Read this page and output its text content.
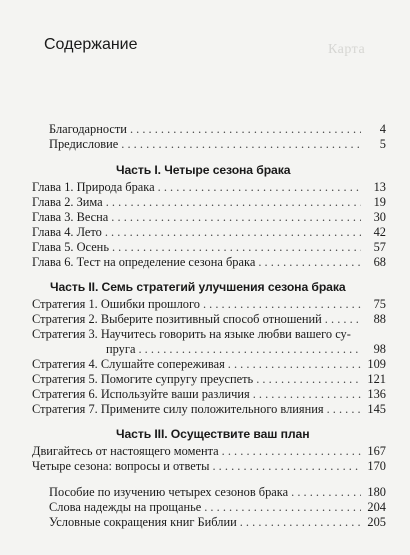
Карта
Содержание
Благодарности . . .	4
Предисловие . . .	5
Часть I. Четыре сезона брака
Глава 1. Природа брака . . .	13
Глава 2. Зима . . .	19
Глава 3. Весна . . .	30
Глава 4. Лето . . .	42
Глава 5. Осень . . .	57
Глава 6. Тест на определение сезона брака . . .	68
Часть II. Семь стратегий улучшения сезона брака
Стратегия 1. Ошибки прошлого . . .	75
Стратегия 2. Выберите позитивный способ отношений . . .	88
Стратегия 3. Научитесь говорить на языке любви вашего су-
пруга . . .	98
Стратегия 4. Слушайте сопереживая . . .	109
Стратегия 5. Помогите супругу преуспеть . . .	121
Стратегия 6. Используйте ваши различия . . .	136
Стратегия 7. Примените силу положительного влияния . . .	145
Часть III. Осуществите ваш план
Двигайтесь от настоящего момента . . .	167
Четыре сезона: вопросы и ответы . . .	170
Пособие по изучению четырех сезонов брака . . .	180
Слова надежды на прощанье . . .	204
Условные сокращения книг Библии . . .	205
